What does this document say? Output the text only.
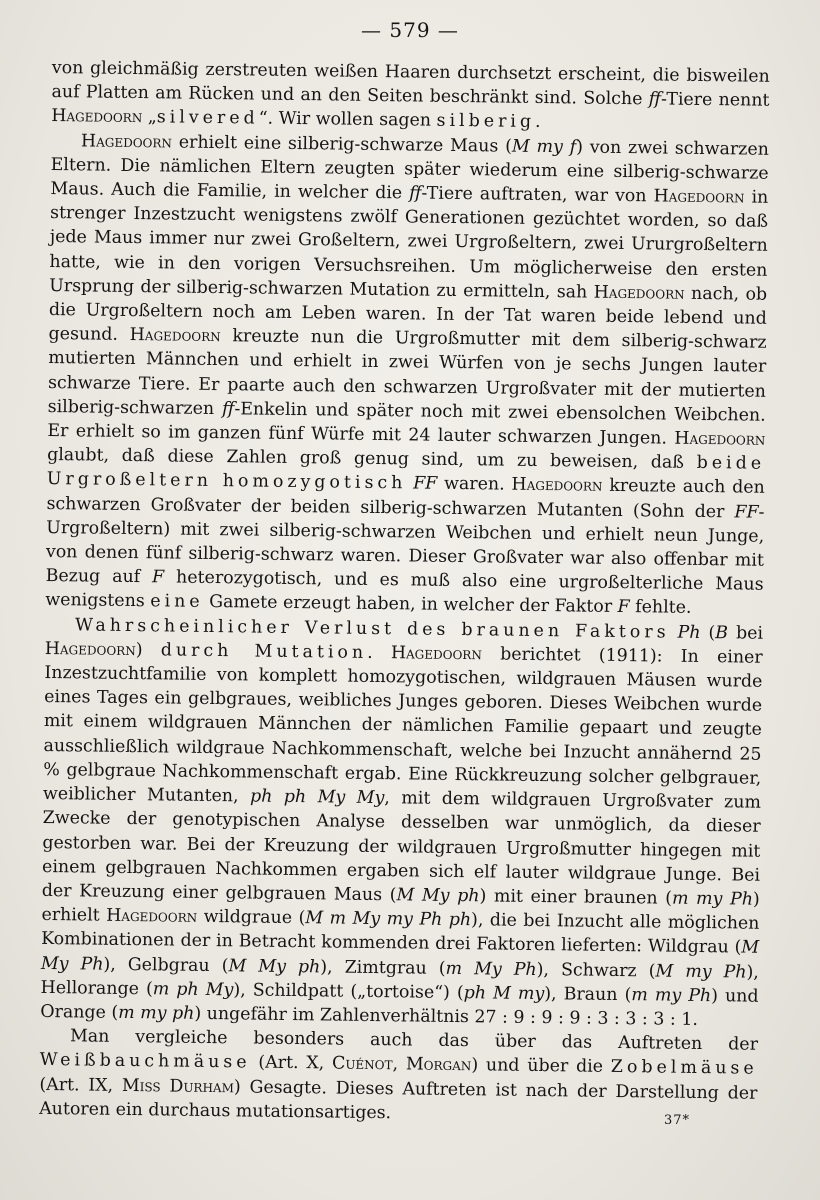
— 579 —

von gleichmäßig zerstreuten weißen Haaren durchsetzt erscheint, die bisweilen auf Platten am Rücken und an den Seiten beschränkt sind. Solche ff-Tiere nennt Hagedoorn „silvered“. Wir wollen sagen silberig.

Hagedoorn erhielt eine silberig-schwarze Maus (M my f) von zwei schwarzen Eltern. Die nämlichen Eltern zeugten später wiederum eine silberig-schwarze Maus. Auch die Familie, in welcher die ff-Tiere auftraten, war von Hagedoorn in strenger Inzestzucht wenigstens zwölf Generationen gezüchtet worden, so daß jede Maus immer nur zwei Großeltern, zwei Urgroßeltern, zwei Ururgroßeltern hatte, wie in den vorigen Versuchsreihen. Um möglicherweise den ersten Ursprung der silberig-schwarzen Mutation zu ermitteln, sah Hagedoorn nach, ob die Urgroßeltern noch am Leben waren. In der Tat waren beide lebend und gesund. Hagedoorn kreuzte nun die Urgroßmutter mit dem silberig-schwarz mutierten Männchen und erhielt in zwei Würfen von je sechs Jungen lauter schwarze Tiere. Er paarte auch den schwarzen Urgroßvater mit der mutierten silberig-schwarzen ff-Enkelin und später noch mit zwei ebensolchen Weibchen. Er erhielt so im ganzen fünf Würfe mit 24 lauter schwarzen Jungen. Hagedoorn glaubt, daß diese Zahlen groß genug sind, um zu beweisen, daß beide Urgroßeltern homozygotisch FF waren. Hagedoorn kreuzte auch den schwarzen Großvater der beiden silberig-schwarzen Mutanten (Sohn der FF-Urgroßeltern) mit zwei silberig-schwarzen Weibchen und erhielt neun Junge, von denen fünf silberig-schwarz waren. Dieser Großvater war also offenbar mit Bezug auf F heterozygotisch, und es muß also eine urgroßelterliche Maus wenigstens eine Gamete erzeugt haben, in welcher der Faktor F fehlte.

Wahrscheinlicher Verlust des braunen Faktors Ph (B bei Hagedoorn) durch Mutation. Hagedoorn berichtet (1911): In einer Inzestzuchtfamilie von komplett homozygotischen, wildgrauen Mäusen wurde eines Tages ein gelbgraues, weibliches Junges geboren. Dieses Weibchen wurde mit einem wildgrauen Männchen der nämlichen Familie gepaart und zeugte ausschließlich wildgraue Nachkommenschaft, welche bei Inzucht annähernd 25 % gelbgraue Nachkommenschaft ergab. Eine Rückkreuzung solcher gelbgrauer, weiblicher Mutanten, ph ph My My, mit dem wildgrauen Urgroßvater zum Zwecke der genotypischen Analyse desselben war unmöglich, da dieser gestorben war. Bei der Kreuzung der wildgrauen Urgroßmutter hingegen mit einem gelbgrauen Nachkommen ergaben sich elf lauter wildgraue Junge. Bei der Kreuzung einer gelbgrauen Maus (M My ph) mit einer braunen (m my Ph) erhielt Hagedoorn wildgraue (M m My my Ph ph), die bei Inzucht alle möglichen Kombinationen der in Betracht kommenden drei Faktoren lieferten: Wildgrau (M My Ph), Gelbgrau (M My ph), Zimtgrau (m My Ph), Schwarz (M my Ph), Hellorange (m ph My), Schildpatt („tortoise“) (ph M my), Braun (m my Ph) und Orange (m my ph) ungefähr im Zahlenverhältnis 27 : 9 : 9 : 9 : 3 : 3 : 3 : 1.

Man vergleiche besonders auch das über das Auftreten der Weißbauchmäuse (Art. X, Cuénot, Morgan) und über die Zobelmäuse (Art. IX, Miß Durham) Gesagte. Dieses Auftreten ist nach der Darstellung der Autoren ein durchaus mutationsartiges.	37*
